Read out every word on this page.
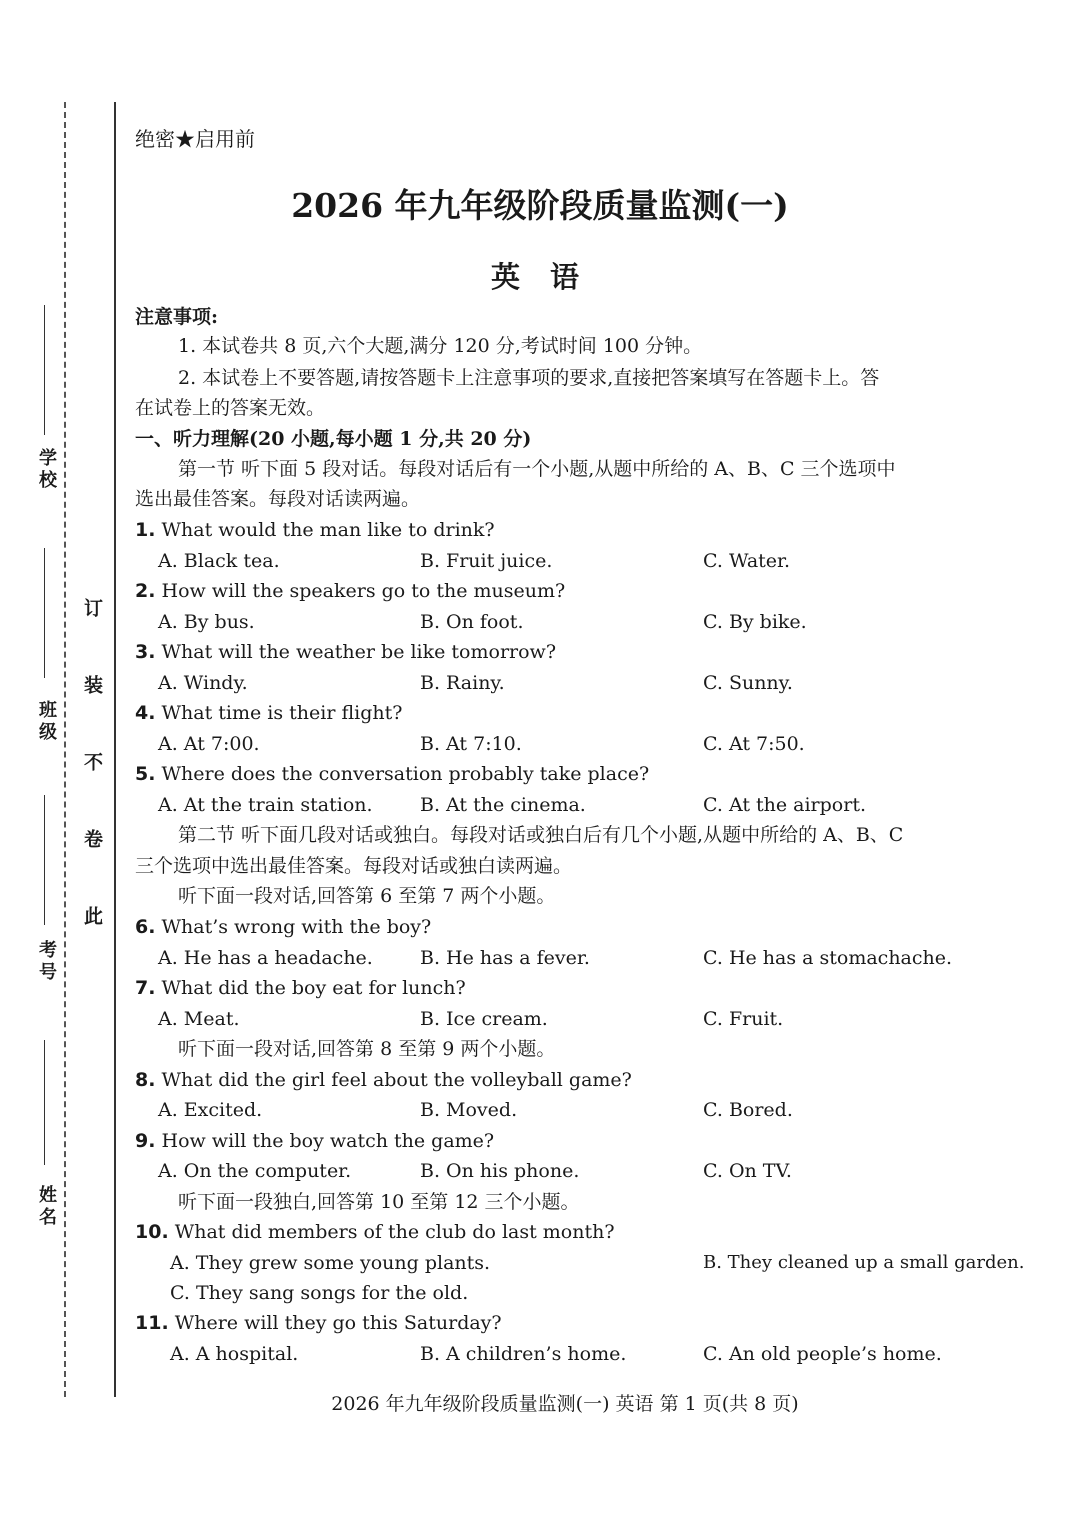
学校
班级
考号
姓名
订装不卷此
绝密★启用前
2026 年九年级阶段质量监测(一)
英语
注意事项:
1. 本试卷共 8 页,六个大题,满分 120 分,考试时间 100 分钟。
2. 本试卷上不要答题,请按答题卡上注意事项的要求,直接把答案填写在答题卡上。答
在试卷上的答案无效。
一、听力理解(20 小题,每小题 1 分,共 20 分)
第一节 听下面 5 段对话。每段对话后有一个小题,从题中所给的 A、B、C 三个选项中
选出最佳答案。每段对话读两遍。
1. What would the man like to drink?
A. Black tea.	B. Fruit juice.	C. Water.
2. How will the speakers go to the museum?
A. By bus.	B. On foot.	C. By bike.
3. What will the weather be like tomorrow?
A. Windy.	B. Rainy.	C. Sunny.
4. What time is their flight?
A. At 7:00.	B. At 7:10.	C. At 7:50.
5. Where does the conversation probably take place?
A. At the train station. B. At the cinema.	C. At the airport.
第二节 听下面几段对话或独白。每段对话或独白后有几个小题,从题中所给的 A、B、C
三个选项中选出最佳答案。每段对话或独白读两遍。
听下面一段对话,回答第 6 至第 7 两个小题。
6. What’s wrong with the boy?
A. He has a headache. B. He has a fever.	C. He has a stomachache.
7. What did the boy eat for lunch?
A. Meat.	B. Ice cream.	C. Fruit.
听下面一段对话,回答第 8 至第 9 两个小题。
8. What did the girl feel about the volleyball game?
A. Excited.	B. Moved.	C. Bored.
9. How will the boy watch the game?
A. On the computer.	B. On his phone.	C. On TV.
听下面一段独白,回答第 10 至第 12 三个小题。
10. What did members of the club do last month?
A. They grew some young plants.	B. They cleaned up a small garden.
C. They sang songs for the old.
11. Where will they go this Saturday?
A. A hospital.	B. A children’s home.	C. An old people’s home.
2026 年九年级阶段质量监测(一) 英语 第 1 页(共 8 页)
